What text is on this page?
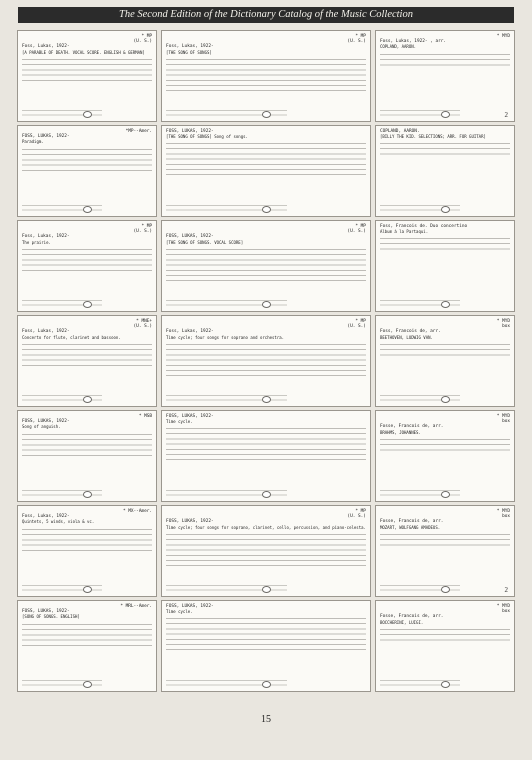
The Second Edition of the Dictionary Catalog of the Music Collection
* MP
(U. S.)
Foss, Lukas, 1922-
[A PARABLE OF DEATH. VOCAL SCORE. ENGLISH & GERMAN]
* MP
(U. S.)
Foss, Lukas, 1922-
[THE SONG OF SONGS]
* MYD
Foss, Lukas, 1922- , arr.
COPLAND, AARON.
2
*MP--Amer.
FOSS, LUKAS, 1922-
Paradigm.
FOSS, LUKAS, 1922-
[THE SONG OF SONGS] Song of songs.
COPLAND, AARON.
[BILLY THE KID. SELECTIONS; ARR. FOR GUITAR]
* MP
(U. S.)
Foss, Lukas, 1922-
The prairie.
* MP
(U. S.)
FOSS, LUKAS, 1922-
[THE SONG OF SONGS. VOCAL SCORE]
Foss, Francois de. Duo concertino
Album à la Partaqui.
* MNE+
(U. S.)
Foss, Lukas, 1922-
Concerto for flute, clarinet and bassoon.
* MP
(U. S.)
Foss, Lukas, 1922-
Time cycle; four songs for soprano and orchestra.
* MYD
box
Foss, Francois de, arr.
BEETHOVEN, LUDWIG VAN.
* MSB
FOSS, LUKAS, 1922-
Song of anguish.
FOSS, LUKAS, 1922-
Time cycle.
* MYD
box
Fosse, Francois de, arr.
BRAHMS, JOHANNES.
* MX--Amer.
Foss, Lukas, 1922-
Quintets, 5 winds, viola & vc.
* MP
(U. S.)
FOSS, LUKAS, 1922-
Time cycle; four songs for soprano, clarinet, cello, percussion, and piano-celesta.
* MYD
box
Fosse, Francois de, arr.
MOZART, WOLFGANG AMADEUS.
2
* MRL--Amer.
FOSS, LUKAS, 1922-
[SONG OF SONGS. ENGLISH]
FOSS, LUKAS, 1922-
Time cycle.
* MYD
box
Fosse, Francois de, arr.
BOCCHERINI, LUIGI.
15
